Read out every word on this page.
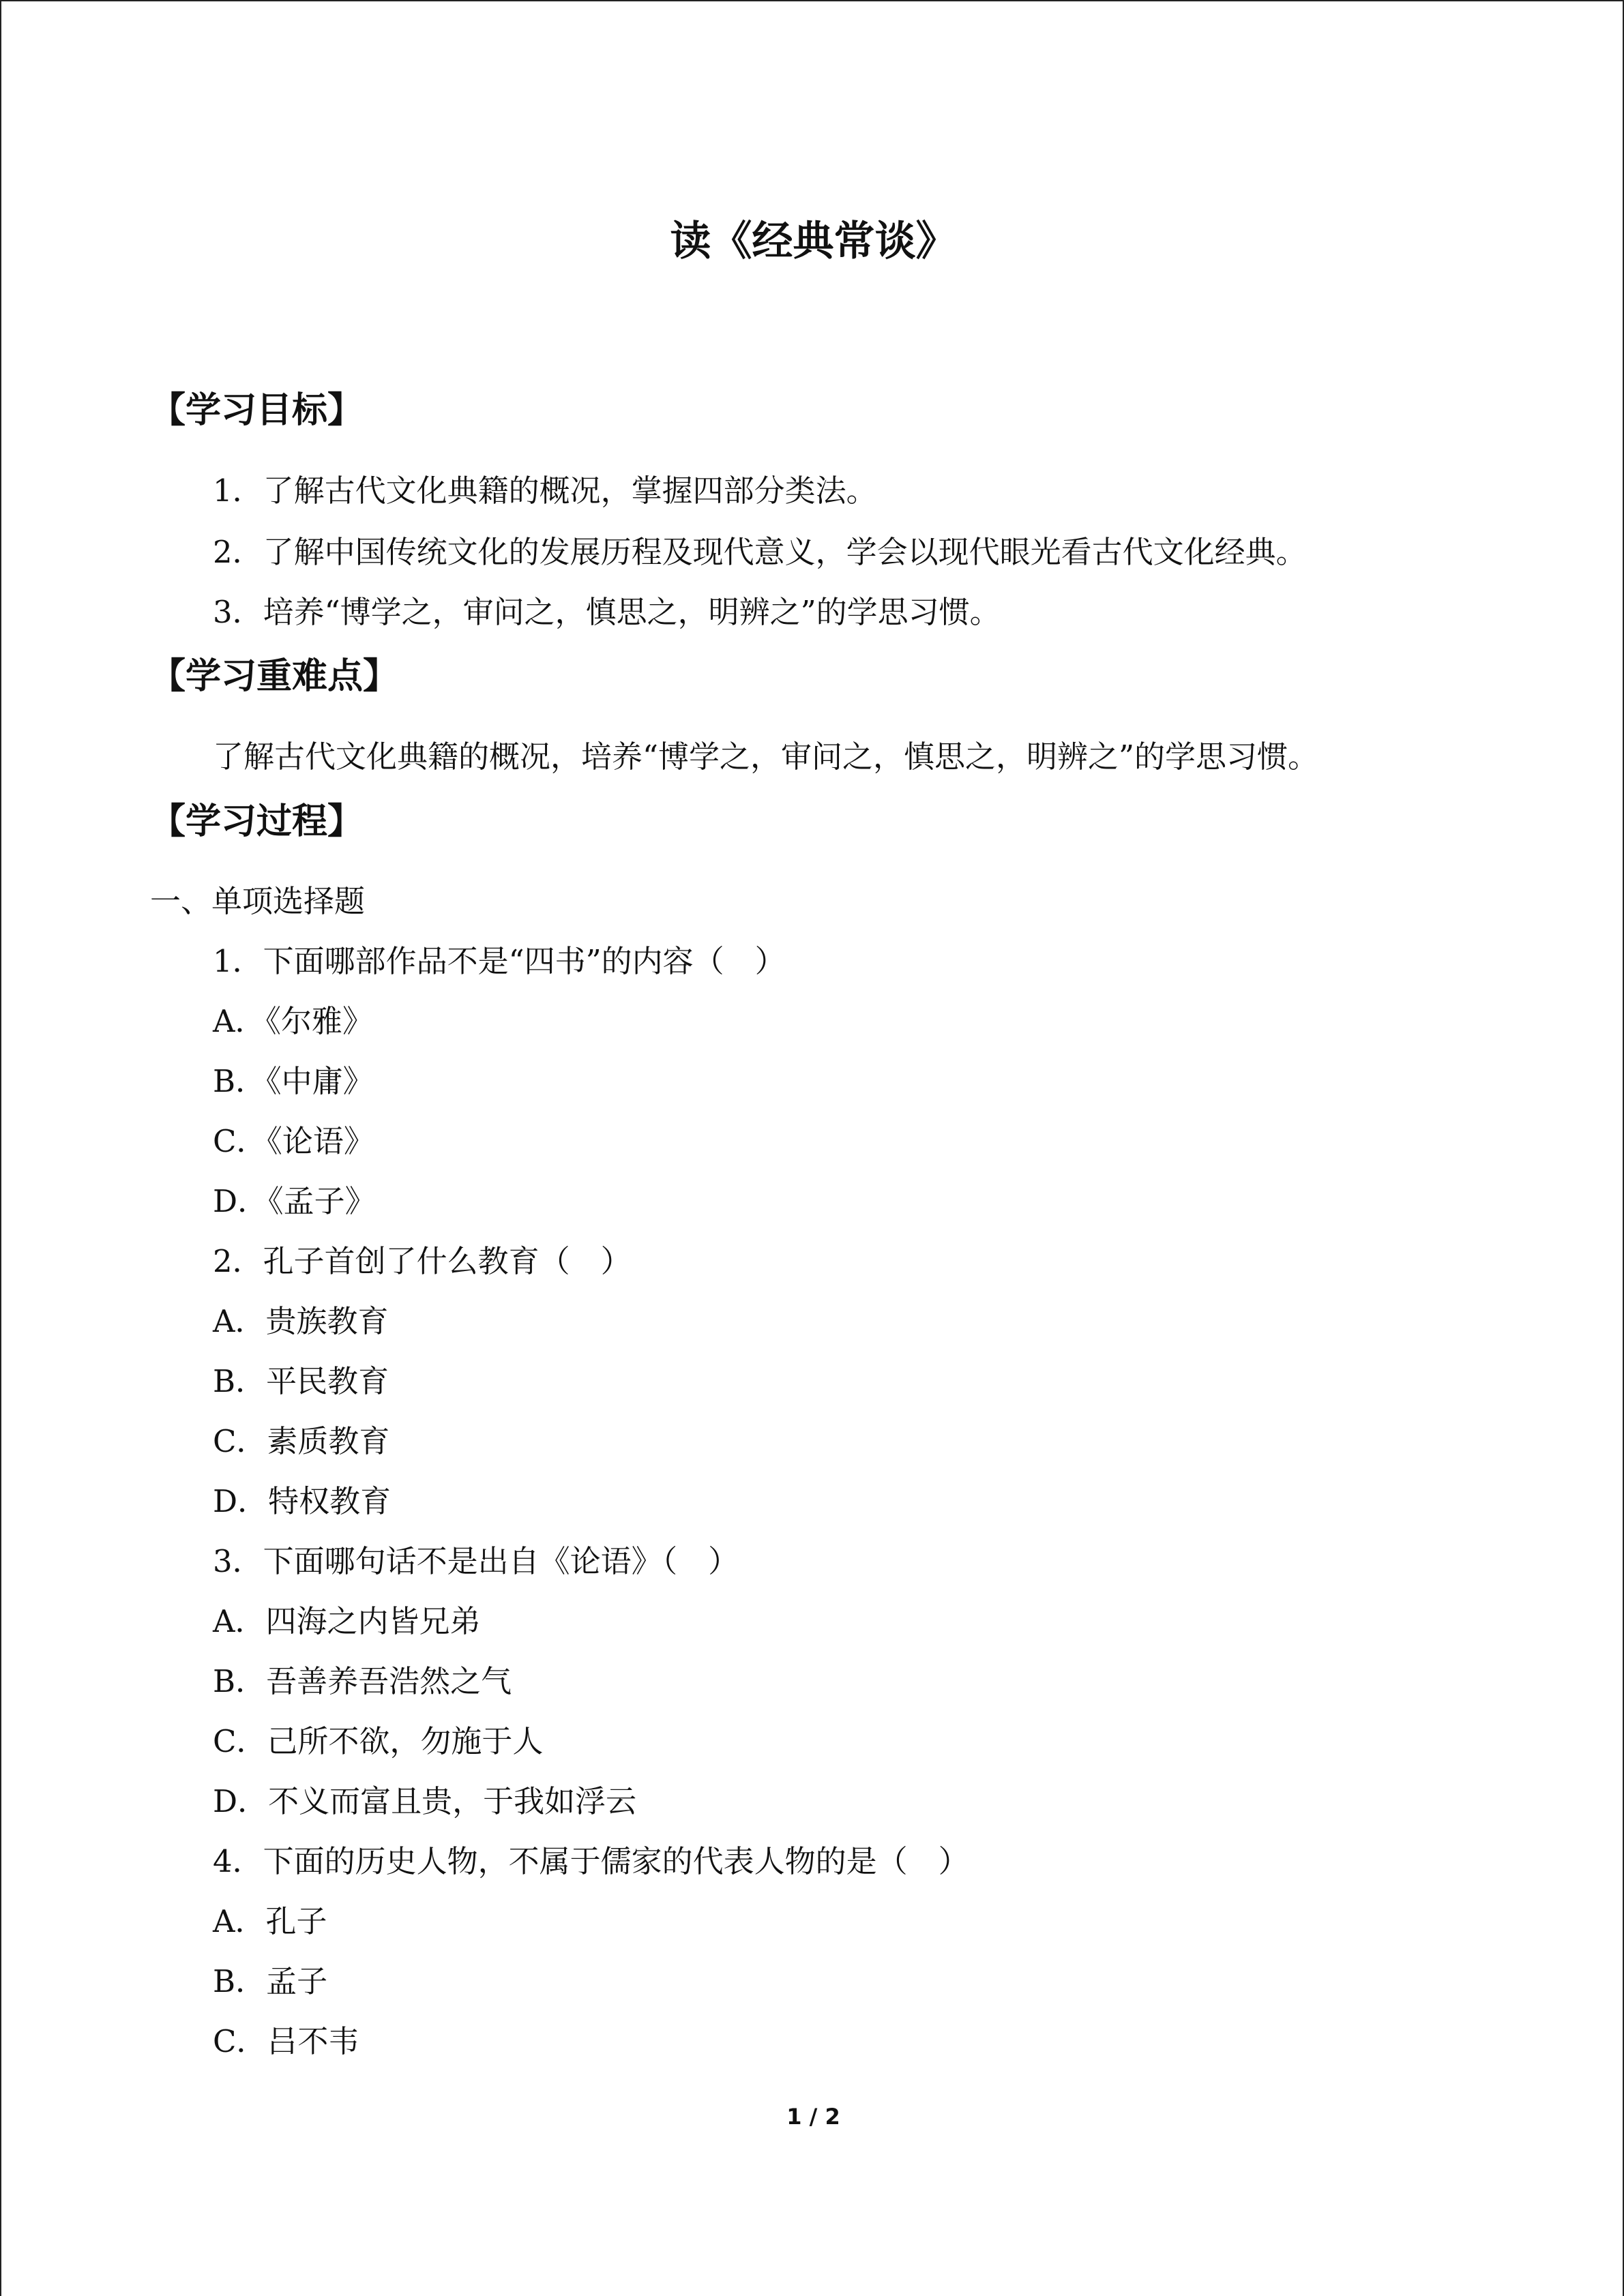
读《经典常谈》
【学习目标】
1．了解古代文化典籍的概况，掌握四部分类法。
2．了解中国传统文化的发展历程及现代意义，学会以现代眼光看古代文化经典。
3．培养“博学之，审问之，慎思之，明辨之”的学思习惯。
【学习重难点】
了解古代文化典籍的概况，培养“博学之，审问之，慎思之，明辨之”的学思习惯。
【学习过程】
一、单项选择题
1．下面哪部作品不是“四书”的内容（　）
A．《尔雅》
B．《中庸》
C．《论语》
D．《孟子》
2．孔子首创了什么教育（　）
A．贵族教育
B．平民教育
C．素质教育
D．特权教育
3．下面哪句话不是出自《论语》（　）
A．四海之内皆兄弟
B．吾善养吾浩然之气
C．己所不欲，勿施于人
D．不义而富且贵，于我如浮云
4．下面的历史人物，不属于儒家的代表人物的是（　）
A．孔子
B．孟子
C．吕不韦
1 / 2
